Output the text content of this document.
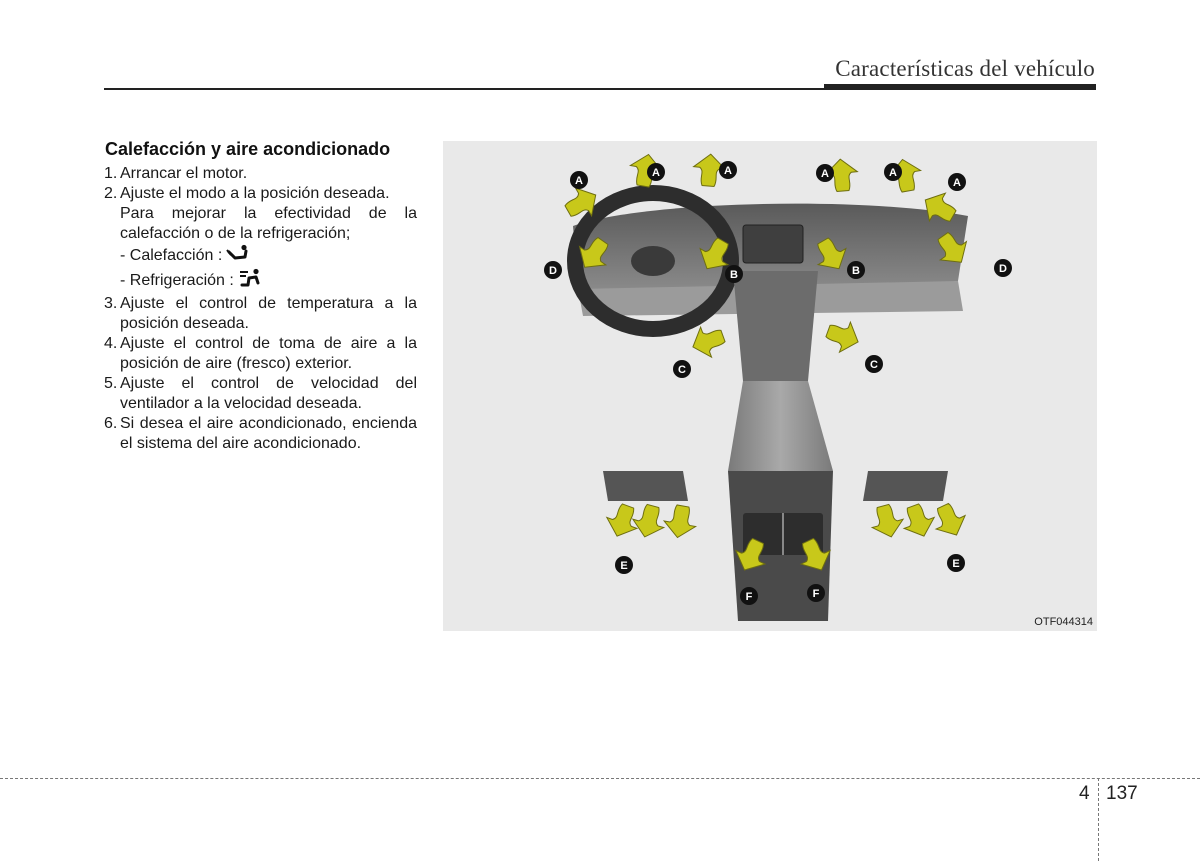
Características del vehículo
Calefacción y aire acondicionado
1. Arrancar el motor.
2. Ajuste el modo a la posición deseada.
Para mejorar la efectividad de la calefacción o de la refrigeración;
- Calefacción :
- Refrigeración :
3. Ajuste el control de temperatura a la posición deseada.
4. Ajuste el control de toma de aire a la posición de aire (fresco) exterior.
5. Ajuste el control de velocidad del ventilador a la velocidad deseada.
6. Si desea el aire acondicionado, encienda el sistema del aire acondicionado.
A
A	A	A	A
A
D	D
B	B
C	C
E	E
F	F
OTF044314
4 137
